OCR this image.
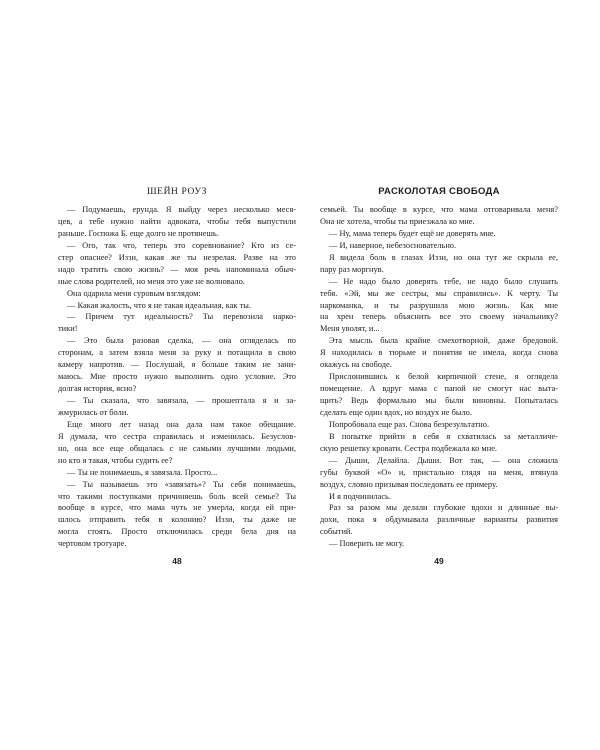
ШЕЙН РОУЗ
— Подумаешь, ерунда. Я выйду через несколько меся-
цев, а тебе нужно найти адвоката, чтобы тебя выпустили
раньше. Госпожа Б. еще долго не протянешь.
— Ого, так что, теперь это соревнование? Кто из се-
стер опаснее? Иззи, какая же ты незрелая. Разве на это
надо тратить свою жизнь? — моя речь напоминала обыч-
ные слова родителей, но меня это уже не волновало.
Она одарила меня суровым взглядом:
— Какая жалость, что я не такая идеальная, как ты.
— Причем тут идеальность? Ты перевозила нарко-
тики!
— Это была разовая сделка, — она огляделась по
сторонам, а затем взяла меня за руку и потащила в свою
камеру напротив. — Послушай, я больше таким не зани-
маюсь. Мне просто нужно выполнить одно условие. Это
долгая история, ясно?
— Ты сказала, что завязала, — прошептала я и за-
жмурилась от боли.
Еще много лет назад она дала нам такое обещание.
Я думала, что сестра справилась и изменилась. Безуслов-
но, она все еще общалась с не самыми лучшими людьми,
но кто я такая, чтобы судить ее?
— Ты не понимаешь, я завязала. Просто...
— Ты называешь это «завязать»? Ты себя понимаешь,
что такими поступками причиняешь боль всей семье? Ты
вообще в курсе, что мама чуть не умерла, когда ей при-
шлось отправить тебя в колонию? Иззи, ты даже не
могла стоять. Просто отключилась среди бела дня на
чертовом тротуаре.
48
РАСКОЛОТАЯ СВОБОДА
семьей. Ты вообще в курсе, что мама отговаривала меня?
Она не хотела, чтобы ты приезжала ко мне.
— Ну, мама теперь будет ещё не доверять мне.
— И, наверное, небезосновательно.
Я видела боль в глазах Иззи, но она тут же скрыла ее,
пару раз моргнув.
— Не надо было доверять тебе, не надо было слушать
тебя. «Эй, мы же сестры, мы справились». К черту. Ты
наркоманка, и ты разрушила мою жизнь. Как мне
на хрен теперь объяснить все это своему начальнику?
Меня уволят, и...
Эта мысль была крайне смехотворной, даже бредовой.
Я находилась в тюрьме и понятия не имела, когда снова
окажусь на свободе.
Прислонившись к белой кирпичной стене, я оглядела
помещение. А вдруг мама с папой не смогут нас выта-
щить? Ведь формально мы были виновны. Попыталась
сделать еще один вдох, но воздух не было.
Попробовала еще раз. Снова безрезультатно.
В попытке прийти в себя я схватилась за металличе-
скую решетку кровати. Сестра подбежала ко мне.
— Дыши, Делайла. Дыши. Вот так, — она сложила
губы буквой «О» и, пристально глядя на меня, втянула
воздух, словно призывая последовать ее примеру.
И я подчинилась.
Раз за разом мы делали глубокие вдохи и длинные вы-
дохи, пока я обдумывала различные варианты развития
событий.
— Поверить не могу.
49
